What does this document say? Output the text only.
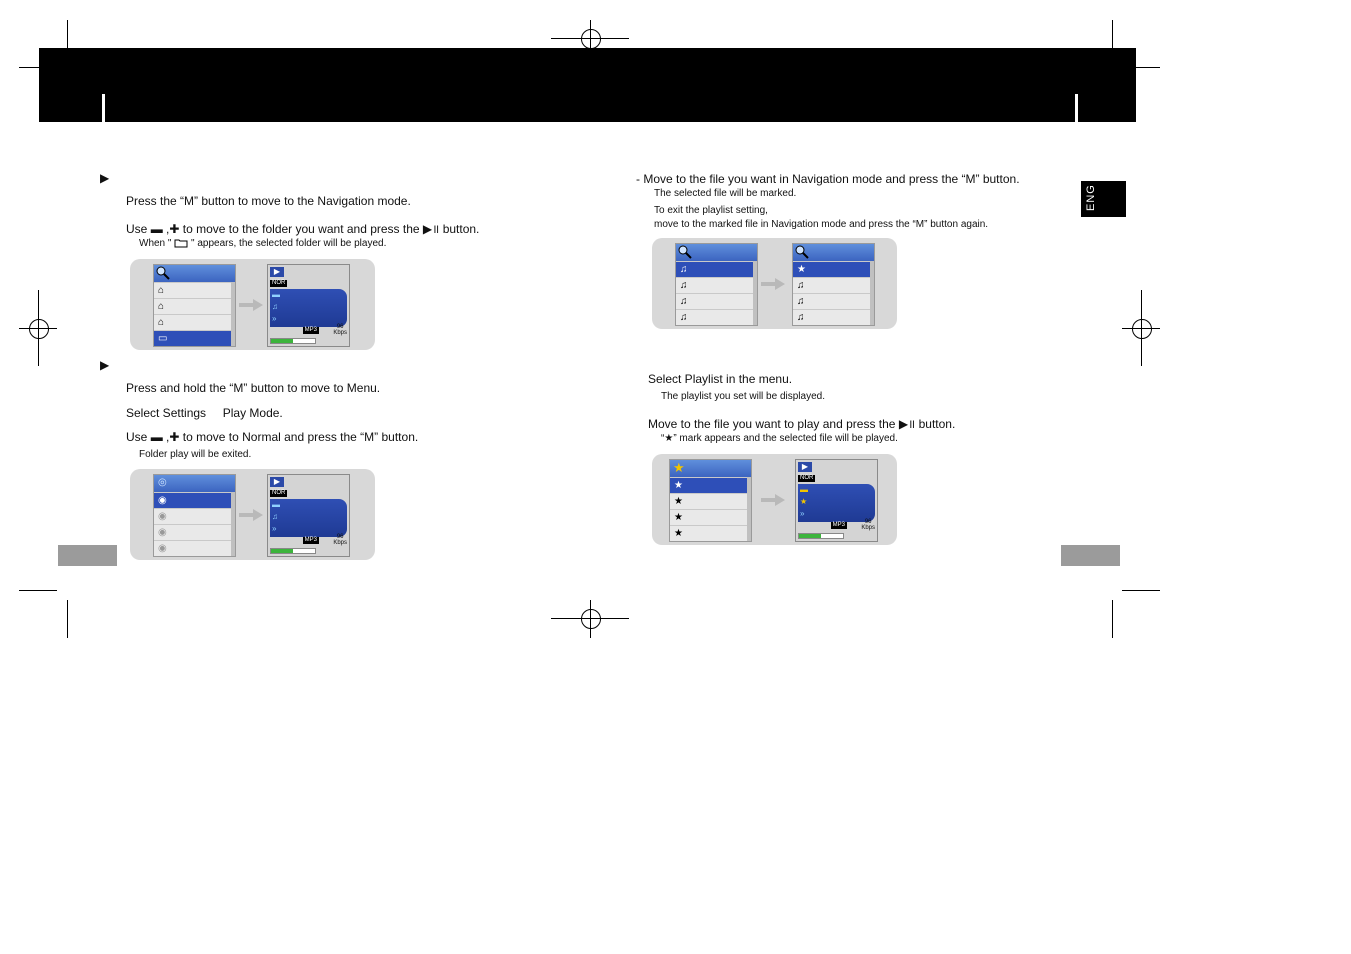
ENG
▶
Press the “M” button to move to the Navigation mode.
Use ▬ ,✚ to move to the folder you want and press the ▶॥ button.
When " " appears, the selected folder will be played.
⌂
⌂
⌂
▭
▶
NOR
▬
♫
»
MP3	96
Kbps
▶
Press and hold the “M” button to move to Menu.
Select Settings Play Mode.
Use ▬ ,✚ to move to Normal and press the “M” button.
Folder play will be exited.
◎
◉
◉
◉
◉
▶
NOR
▬
♫
»
MP3	96
Kbps
- Move to the file you want in Navigation mode and press the “M” button.
The selected file will be marked.
To exit the playlist setting,
move to the marked file in Navigation mode and press the “M” button again.
♫
♫
♫
♫
★
♫
♫
♫
Select Playlist in the menu.
The playlist you set will be displayed.
Move to the file you want to play and press the ▶॥ button.
“★” mark appears and the selected file will be played.
★
★
★
★
★
▶
NOR
▬
★
»
MP3	96
Kbps
